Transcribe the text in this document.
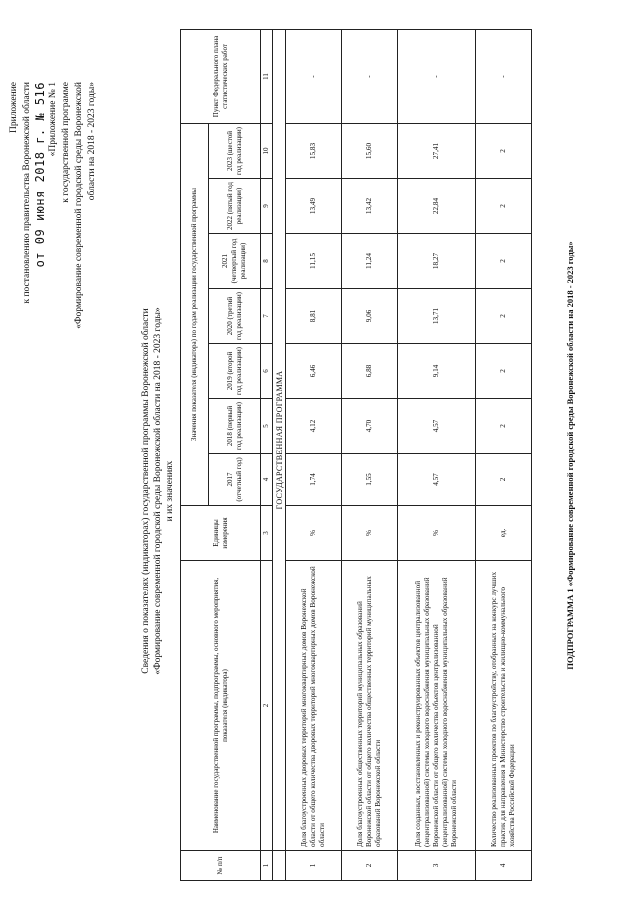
Приложение к постановлению правительства Воронежской области от 09 июня 2018 г. № 516 «Приложение № 1 к государственной программе «Формирование современной городской среды Воронежской области на 2018 - 2023 годы»
Сведения о показателях (индикаторах) государственной программы Воронежской области «Формирование современной городской среды Воронежской области на 2018 - 2023 годы» и их значениях
№ п/п	Наименование государственной программы, подпрограммы, основного мероприятия, показателя (индикатора)	Единицы измерения	Значения показателя (индикатора) по годам реализации государственной программы							Пункт Федерального плана статистических работ
			2017 (отчетный год)	2018 (первый год реализации)	2019 (второй год реализации)	2020 (третий год реализации)	2021 (четвертый год реализации)	2022 (пятый год реализации)	2023 (шестой год реализации)	
1	2	3	4	5	6	7	8	9	10	11
	ГОСУДАРСТВЕННАЯ ПРОГРАММА									
1	Доля благоустроенных дворовых территорий многоквартирных домов Воронежской области от общего количества дворовых территорий многоквартирных домов Воронежской области	%	1,74	4,12	6,46	8,81	11,15	13,49	15,83	-
2	Доля благоустроенных общественных территорий муниципальных образований Воронежской области от общего количества общественных территорий муниципальных образований Воронежской области	%	1,55	4,70	6,88	9,06	11,24	13,42	15,60	-
3	Доля созданных, восстановленных и реконструированных объектов централизованной (нецентрализованной) системы холодного водоснабжения муниципальных образований Воронежской области от общего количества объектов централизованной (нецентрализованной) системы холодного водоснабжения муниципальных образований Воронежской области	%	4,57	4,57	9,14	13,71	18,27	22,84	27,41	-
4	Количество реализованных проектов по благоустройству, отобранных на конкурс лучших практик для направления в Министерство строительства и жилищно-коммунального хозяйства Российской Федерации	ед.	2	2	2	2	2	2	2	-
ПОДПРОГРАММА 1 «Формирование современной городской среды Воронежской области на 2018 - 2023 годы»
